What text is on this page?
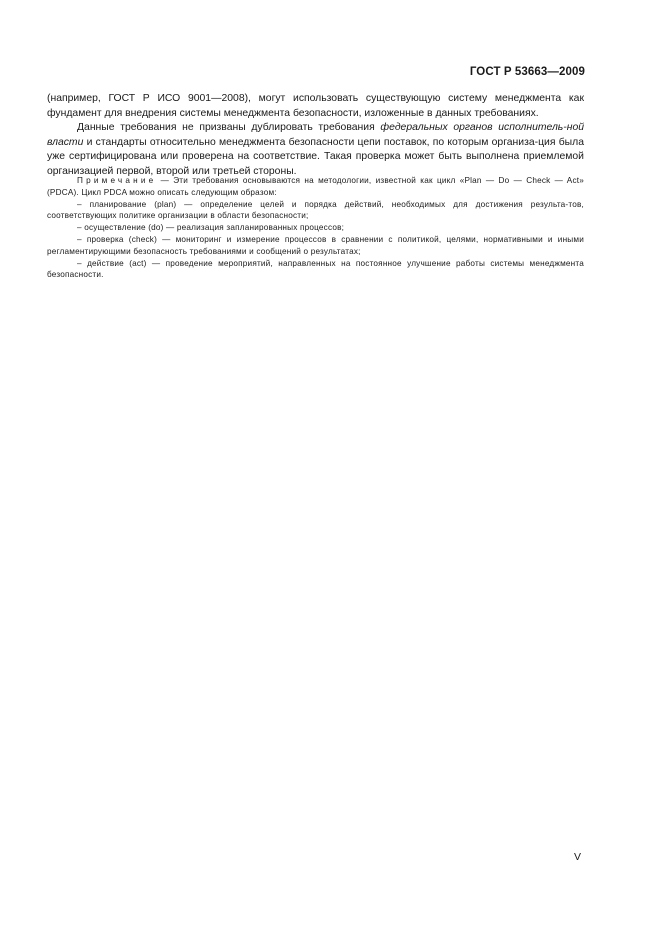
ГОСТ Р 53663—2009

(например, ГОСТ Р ИСО 9001—2008), могут использовать существующую систему менеджмента как фундамент для внедрения системы менеджмента безопасности, изложенные в данных требованиях.

Данные требования не призваны дублировать требования федеральных органов исполнитель-ной власти и стандарты относительно менеджмента безопасности цепи поставок, по которым организа-ция была уже сертифицирована или проверена на соответствие. Такая проверка может быть выполнена приемлемой организацией первой, второй или третьей стороны.

Примечание — Эти требования основываются на методологии, известной как цикл «Plan — Do — Check — Act» (PDCA). Цикл PDCA можно описать следующим образом:

– планирование (plan) — определение целей и порядка действий, необходимых для достижения результа-тов, соответствующих политике организации в области безопасности;

– осуществление (do) — реализация запланированных процессов;

– проверка (check) — мониторинг и измерение процессов в сравнении с политикой, целями, нормативными и иными регламентирующими безопасность требованиями и сообщений о результатах;

– действие (act) — проведение мероприятий, направленных на постоянное улучшение работы системы менеджмента безопасности.

V
